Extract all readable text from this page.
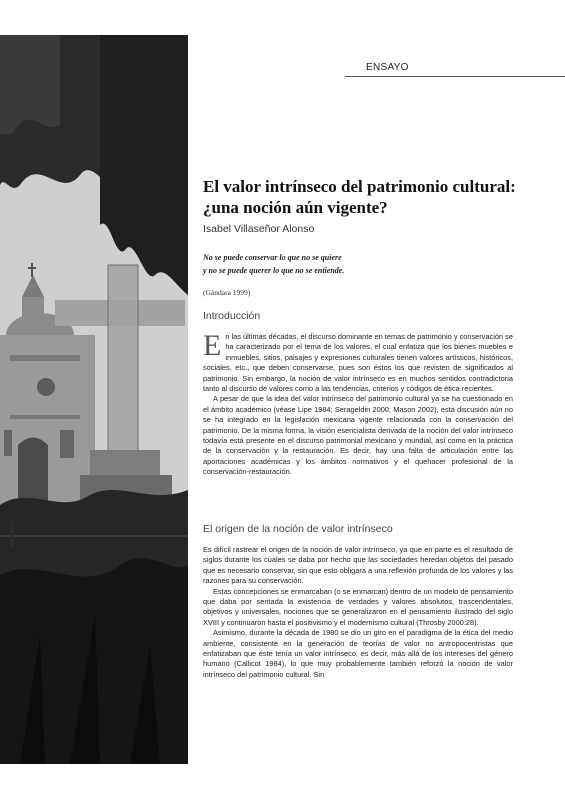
ENSAYO
El valor intrínseco del patrimonio cultural: ¿una noción aún vigente?
Isabel Villaseñor Alonso
No se puede conservar lo que no se quiere
y no se puede querer lo que no se entiende.
(Gándara 1999)
Introducción

En las últimas décadas, el discurso dominante en temas de patrimonio y conservación se ha caracterizado por el tema de los valores, el cual enfatiza que los bienes muebles e inmuebles, sitios, paisajes y expresiones culturales tienen valores artísticos, históricos, sociales, etc., que deben conservarse, pues son éstos los que revisten de significados al patrimonio. Sin embargo, la noción de valor intrínseco es en muchos sentidos contradictoria tanto al discurso de valores como a las tendencias, criterios y códigos de ética recientes.

A pesar de que la idea del valor intrínseco del patrimonio cultural ya se ha cuestionado en el ámbito académico (véase Lipe 1984; Serageldin 2000; Mason 2002), esta discusión aún no se ha integrado en la legislación mexicana vigente relacionada con la conservación del patrimonio. De la misma forma, la visión esencialista derivada de la noción del valor intrínseco todavía está presente en el discurso patrimonial mexicano y mundial, así como en la práctica de la conservación y la restauración. Es decir, hay una falta de articulación entre las aportaciones académicas y los ámbitos normativos y el quehacer profesional de la conservación-restauración.

El origen de la noción de valor intrínseco

Es difícil rastrear el origen de la noción de valor intrínseco, ya que en parte es el resultado de siglos durante los cuales se daba por hecho que las sociedades heredan objetos del pasado que es necesario conservar, sin que esto obligara a una reflexión profunda de los valores y las razones para su conservación.

Estas concepciones se enmarcaban (o se enmarcan) dentro de un modelo de pensamiento que daba por sentada la existencia de verdades y valores absolutos, trascendentales, objetivos y universales, nociones que se generalizaron en el pensamiento ilustrado del siglo XVIII y continuaron hasta el positivismo y el modernismo cultural (Throsby 2000:28).

Asimismo, durante la década de 1980 se dio un giro en el paradigma de la ética del medio ambiente, consistente en la generación de teorías de valor no antropocentristas que enfatizaban que éste tenía un valor intrínseco, es decir, más allá de los intereses del género humano (Callicot 1984), lo que muy probablemente también reforzó la noción de valor intrínseco del patrimonio cultural. Sin
